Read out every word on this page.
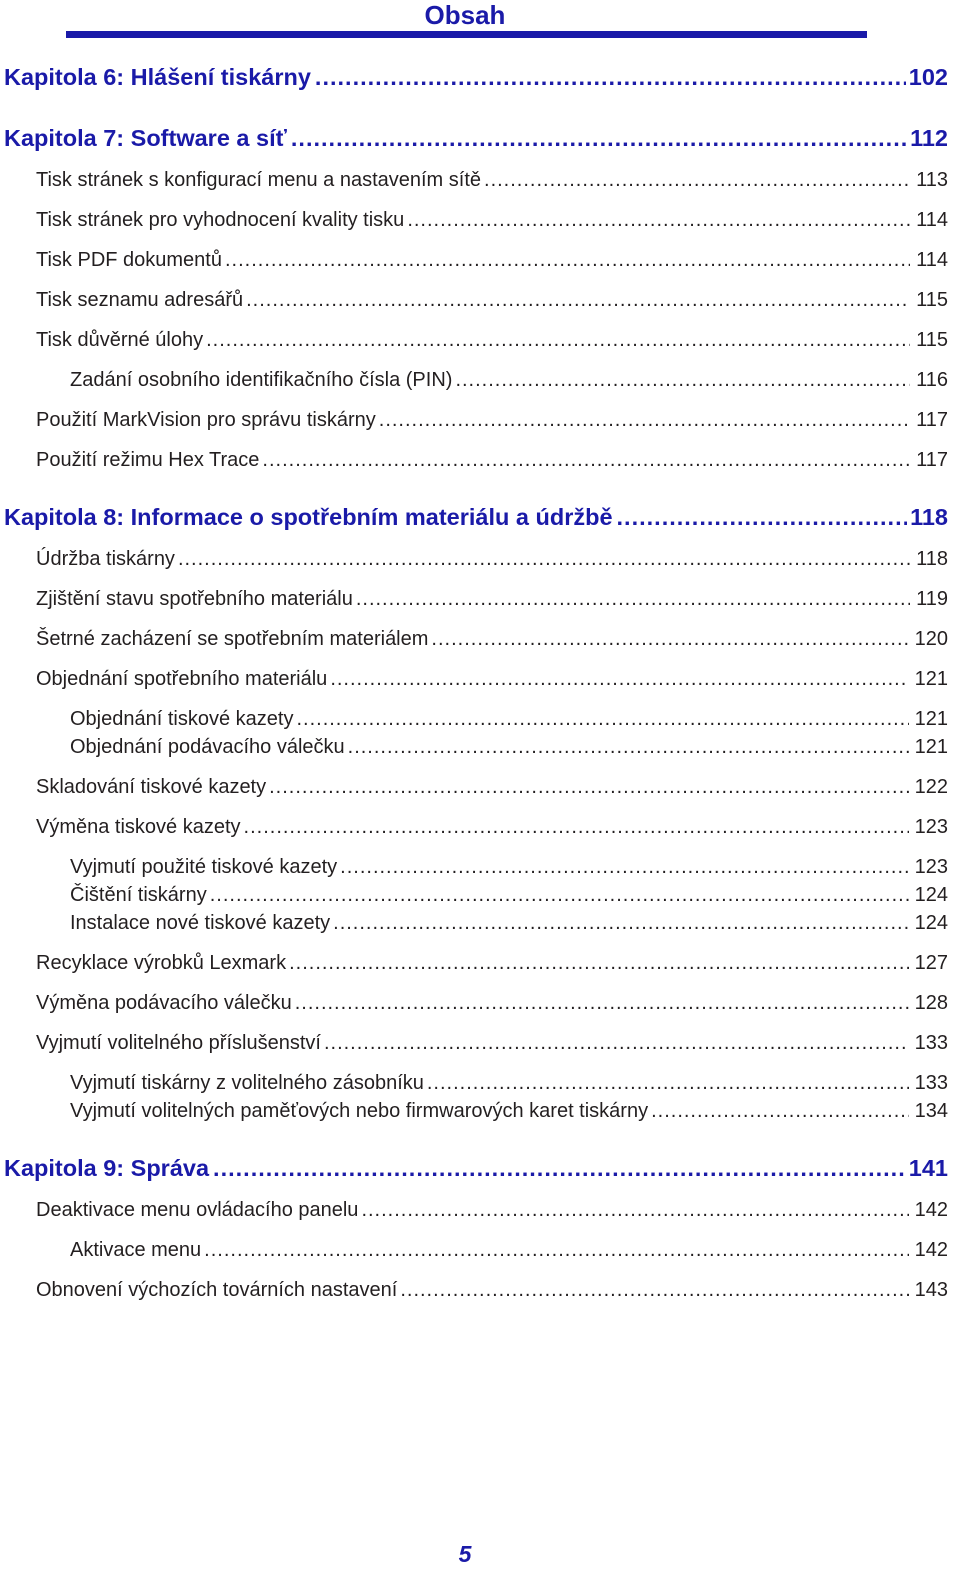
Obsah
Kapitola 6: Hlášení tiskárny .....	102
Kapitola 7: Software a síť .....	112
Tisk stránek s konfigurací menu a nastavením sítě .....	113
Tisk stránek pro vyhodnocení kvality tisku .....	114
Tisk PDF dokumentů .....	114
Tisk seznamu adresářů .....	115
Tisk důvěrné úlohy .....	115
Zadání osobního identifikačního čísla (PIN) .....	116
Použití MarkVision pro správu tiskárny .....	117
Použití režimu Hex Trace .....	117
Kapitola 8: Informace o spotřebním materiálu a údržbě .....	118
Údržba tiskárny .....	118
Zjištění stavu spotřebního materiálu .....	119
Šetrné zacházení se spotřebním materiálem .....	120
Objednání spotřebního materiálu .....	121
Objednání tiskové kazety .....	121
Objednání podávacího válečku .....	121
Skladování tiskové kazety .....	122
Výměna tiskové kazety .....	123
Vyjmutí použité tiskové kazety .....	123
Čištění tiskárny .....	124
Instalace nové tiskové kazety .....	124
Recyklace výrobků Lexmark .....	127
Výměna podávacího válečku .....	128
Vyjmutí volitelného příslušenství .....	133
Vyjmutí tiskárny z volitelného zásobníku .....	133
Vyjmutí volitelných paměťových nebo firmwarových karet tiskárny .....	134
Kapitola 9: Správa .....	141
Deaktivace menu ovládacího panelu .....	142
Aktivace menu .....	142
Obnovení výchozích továrních nastavení .....	143
5
